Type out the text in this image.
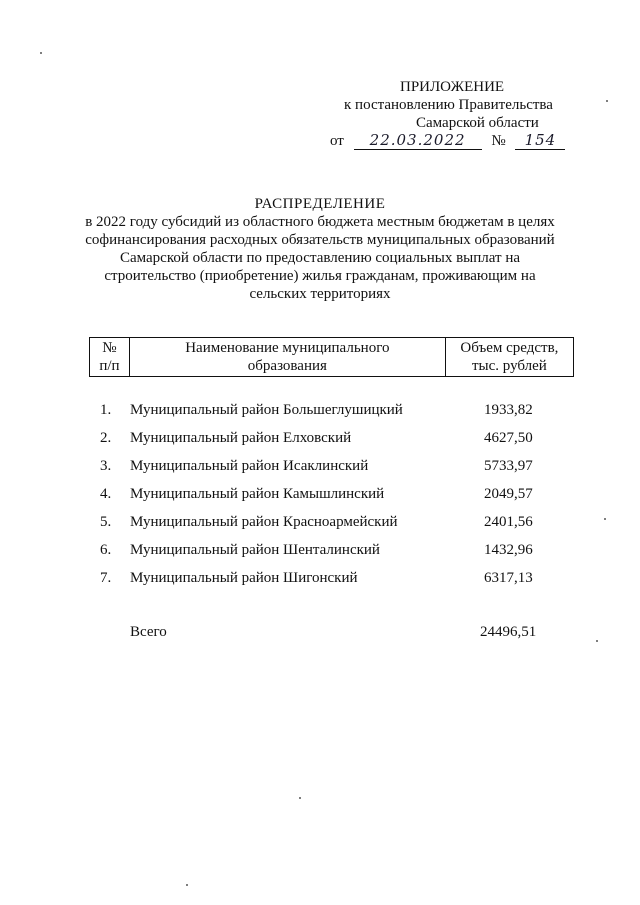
ПРИЛОЖЕНИЕ
к постановлению Правительства
Самарской области
от 22.03.2022 № 154
РАСПРЕДЕЛЕНИЕ
в 2022 году субсидий из областного бюджета местным бюджетам в целях
софинансирования расходных обязательств муниципальных образований
Самарской области по предоставлению социальных выплат на
строительство (приобретение) жилья гражданам, проживающим на
сельских территориях
№
п/п

Наименование муниципального
образования

Объем средств,
тыс. рублей
1. Муниципальный район Большеглушицкий	1933,82
2. Муниципальный район Елховский	4627,50
3. Муниципальный район Исаклинский	5733,97
4. Муниципальный район Камышлинский	2049,57
5. Муниципальный район Красноармейский	2401,56
6. Муниципальный район Шенталинский	1432,96
7. Муниципальный район Шигонский	6317,13
Всего	24496,51
